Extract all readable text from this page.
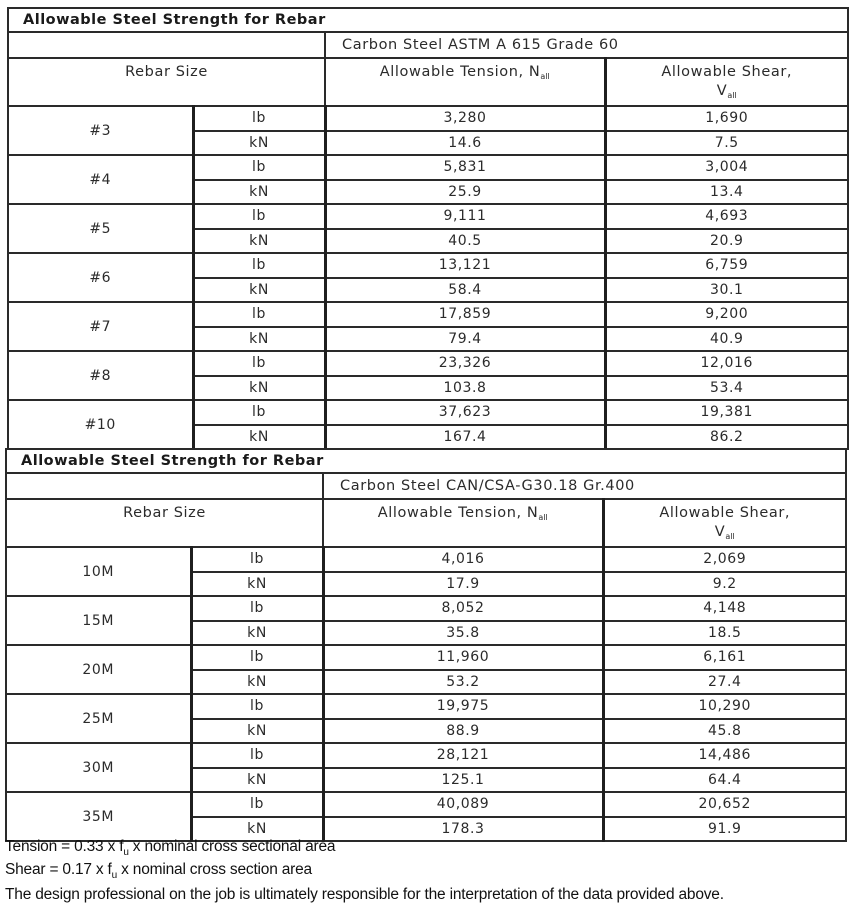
Allowable Steel Strength for Rebar			
		Carbon Steel ASTM A 615 Grade 60	
Rebar Size		Allowable Tension, $N_{all}$	Allowable Shear,
$V_{all}$
#3	lb	3,280	1,690
	kN	14.6	7.5
#4	lb	5,831	3,004
	kN	25.9	13.4
#5	lb	9,111	4,693
	kN	40.5	20.9
#6	lb	13,121	6,759
	kN	58.4	30.1
#7	lb	17,859	9,200
	kN	79.4	40.9
#8	lb	23,326	12,016
	kN	103.8	53.4
#10	lb	37,623	19,381
	kN	167.4	86.2
Allowable Steel Strength for Rebar			
		Carbon Steel CAN/CSA-G30.18 Gr.400	
Rebar Size		Allowable Tension, $N_{all}$	Allowable Shear,
$V_{all}$
10M	lb	4,016	2,069
	kN	17.9	9.2
15M	lb	8,052	4,148
	kN	35.8	18.5
20M	lb	11,960	6,161
	kN	53.2	27.4
25M	lb	19,975	10,290
	kN	88.9	45.8
30M	lb	28,121	14,486
	kN	125.1	64.4
35M	lb	40,089	20,652
	kN	178.3	91.9
Tension = 0.33 x $f_u$ x nominal cross sectional area
Shear = 0.17 x $f_u$ x nominal cross section area
The design professional on the job is ultimately responsible for the interpretation of the data provided above.
